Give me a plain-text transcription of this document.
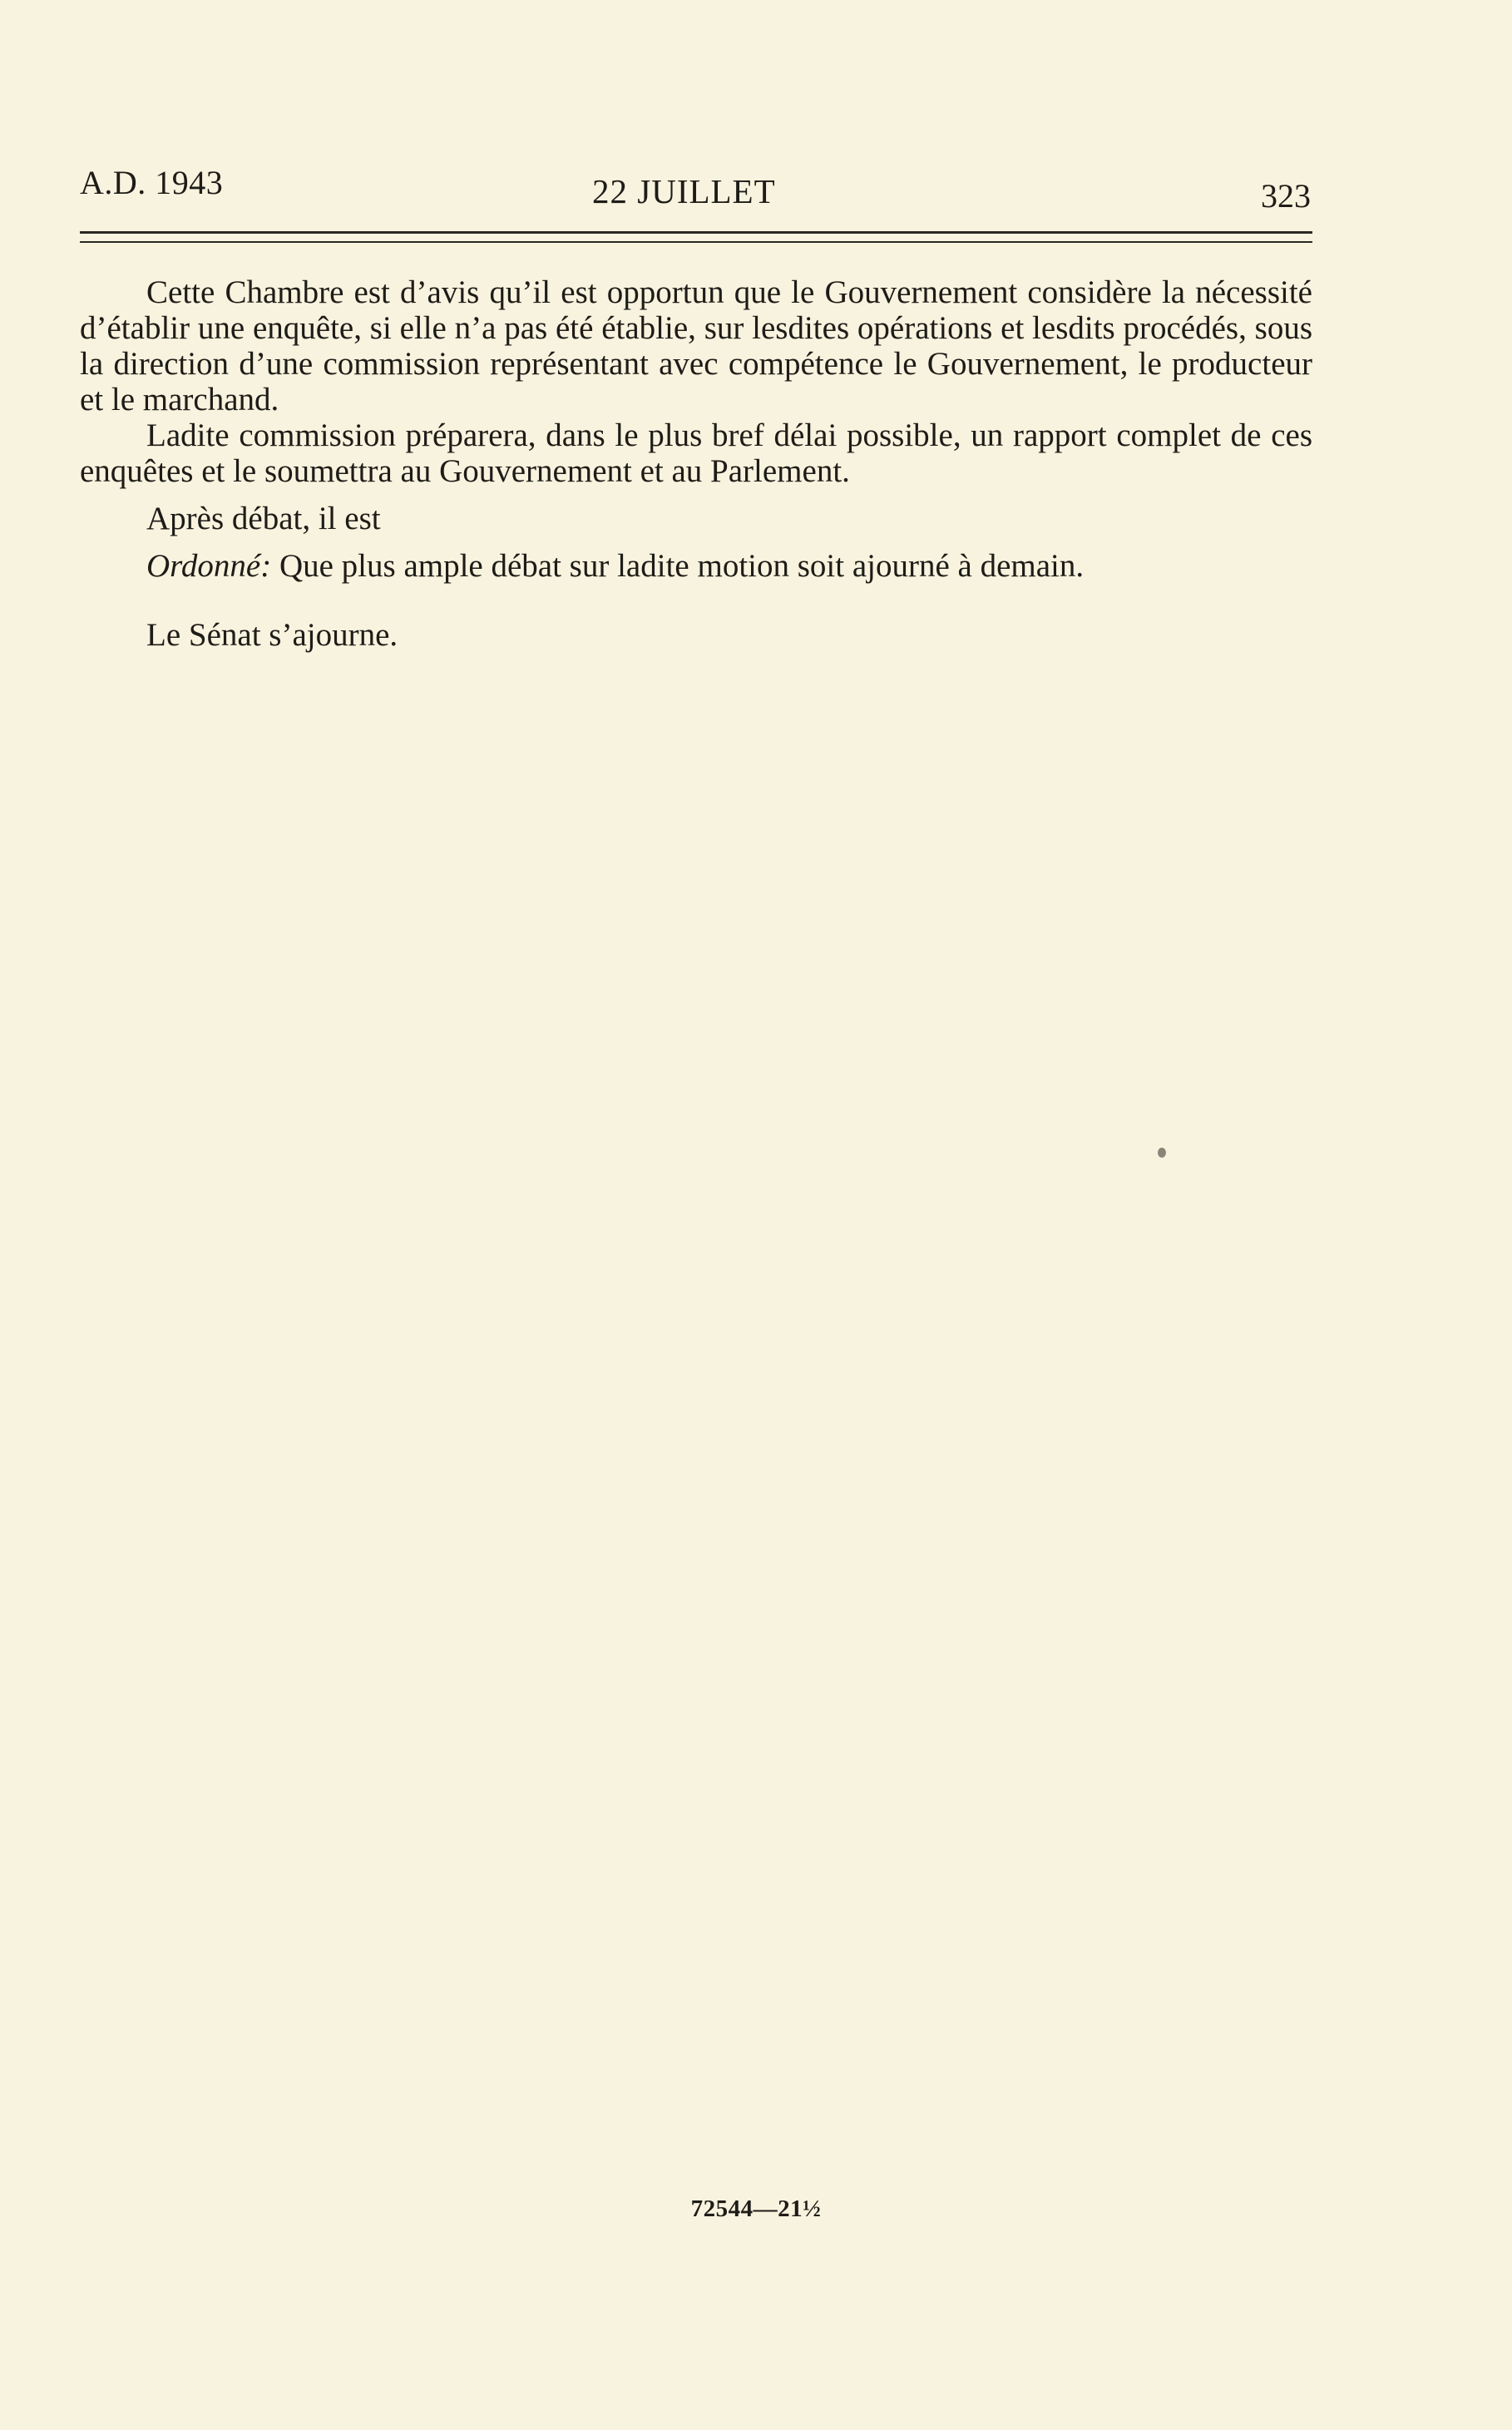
A.D. 1943	22 JUILLET	323

Cette Chambre est d’avis qu’il est opportun que le Gouvernement considère la nécessité d’établir une enquête, si elle n’a pas été établie, sur lesdites opérations et lesdits procédés, sous la direction d’une commission représentant avec compétence le Gouvernement, le producteur et le marchand.

Ladite commission préparera, dans le plus bref délai possible, un rapport complet de ces enquêtes et le soumettra au Gouvernement et au Parlement.

Après débat, il est

Ordonné: Que plus ample débat sur ladite motion soit ajourné à demain.

Le Sénat s’ajourne.

72544—21½
